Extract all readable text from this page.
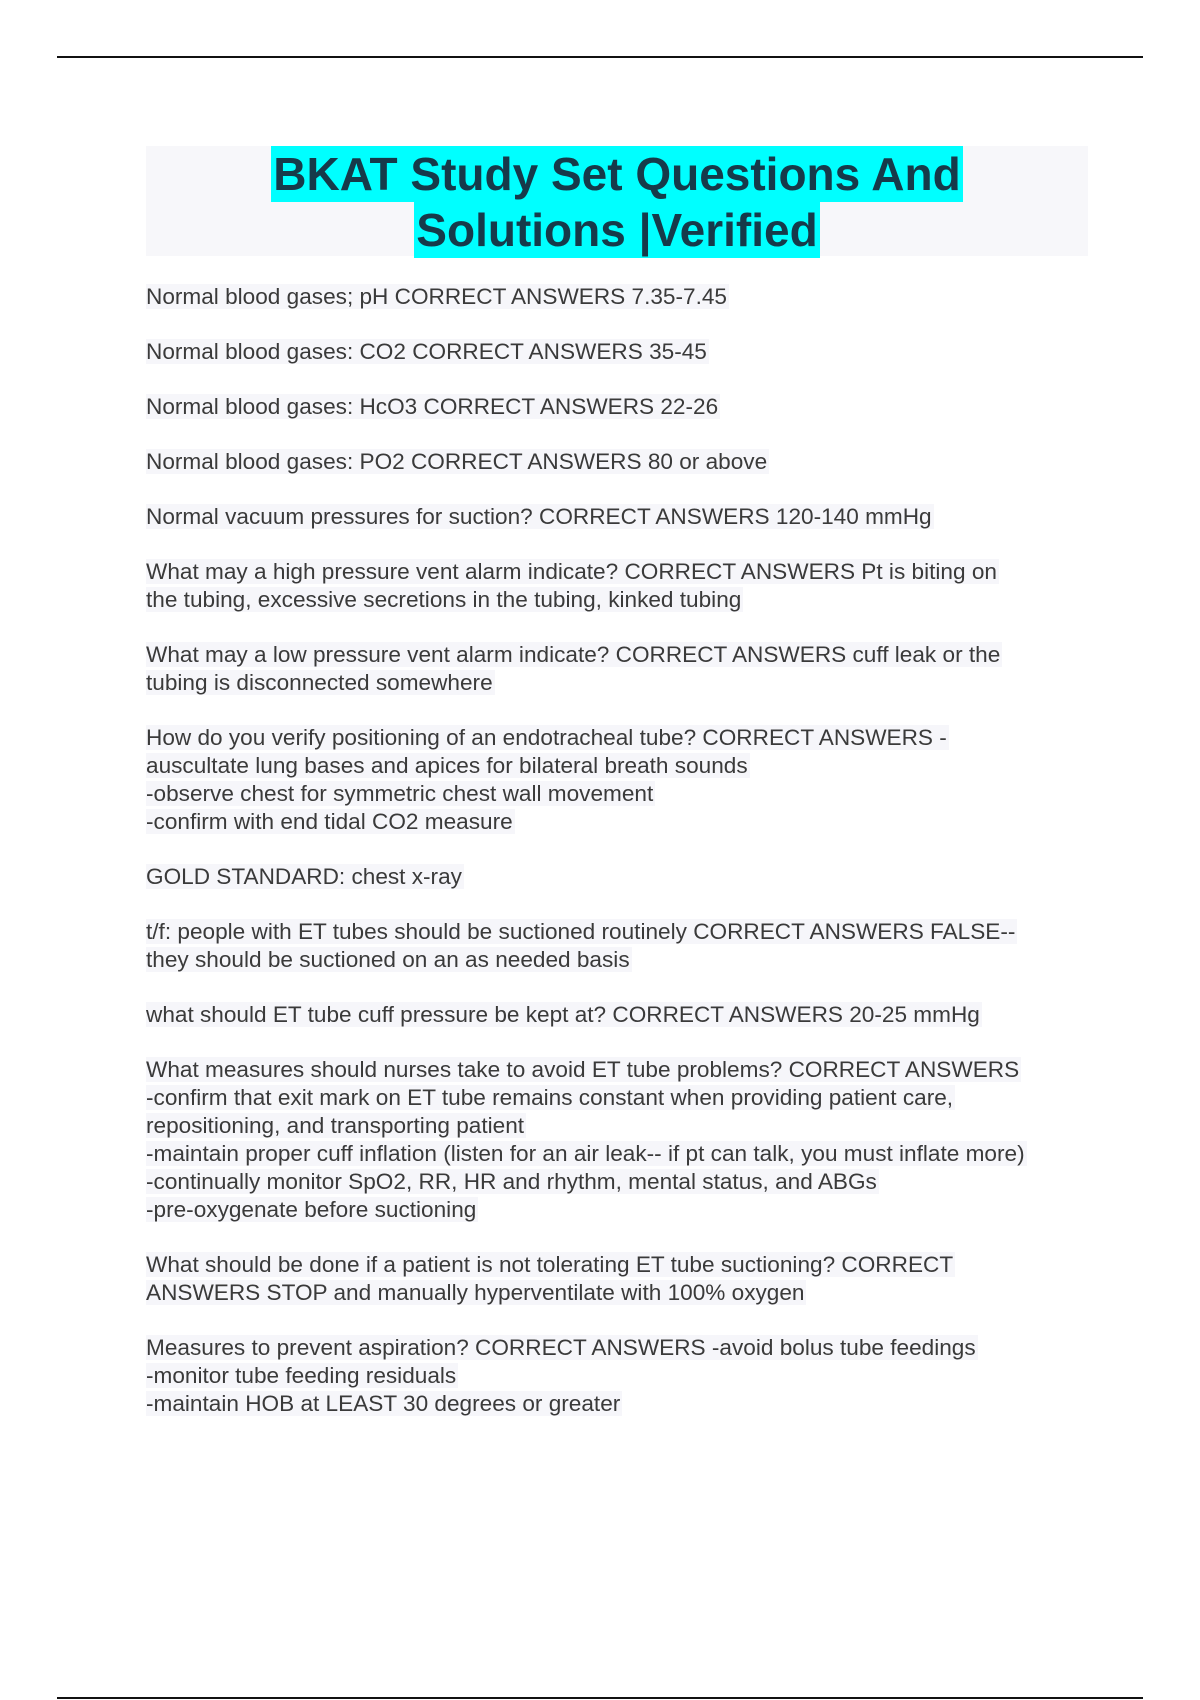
BKAT Study Set Questions And
Solutions |Verified
Normal blood gases; pH CORRECT ANSWERS 7.35-7.45
Normal blood gases: CO2 CORRECT ANSWERS 35-45
Normal blood gases: HcO3 CORRECT ANSWERS 22-26
Normal blood gases: PO2 CORRECT ANSWERS 80 or above
Normal vacuum pressures for suction? CORRECT ANSWERS 120-140 mmHg
What may a high pressure vent alarm indicate? CORRECT ANSWERS Pt is biting on
the tubing, excessive secretions in the tubing, kinked tubing
What may a low pressure vent alarm indicate? CORRECT ANSWERS cuff leak or the
tubing is disconnected somewhere
How do you verify positioning of an endotracheal tube? CORRECT ANSWERS -
auscultate lung bases and apices for bilateral breath sounds
-observe chest for symmetric chest wall movement
-confirm with end tidal CO2 measure
GOLD STANDARD: chest x-ray
t/f: people with ET tubes should be suctioned routinely CORRECT ANSWERS FALSE--
they should be suctioned on an as needed basis
what should ET tube cuff pressure be kept at? CORRECT ANSWERS 20-25 mmHg
What measures should nurses take to avoid ET tube problems? CORRECT ANSWERS
-confirm that exit mark on ET tube remains constant when providing patient care,
repositioning, and transporting patient
-maintain proper cuff inflation (listen for an air leak-- if pt can talk, you must inflate more)
-continually monitor SpO2, RR, HR and rhythm, mental status, and ABGs
-pre-oxygenate before suctioning
What should be done if a patient is not tolerating ET tube suctioning? CORRECT
ANSWERS STOP and manually hyperventilate with 100% oxygen
Measures to prevent aspiration? CORRECT ANSWERS -avoid bolus tube feedings
-monitor tube feeding residuals
-maintain HOB at LEAST 30 degrees or greater
